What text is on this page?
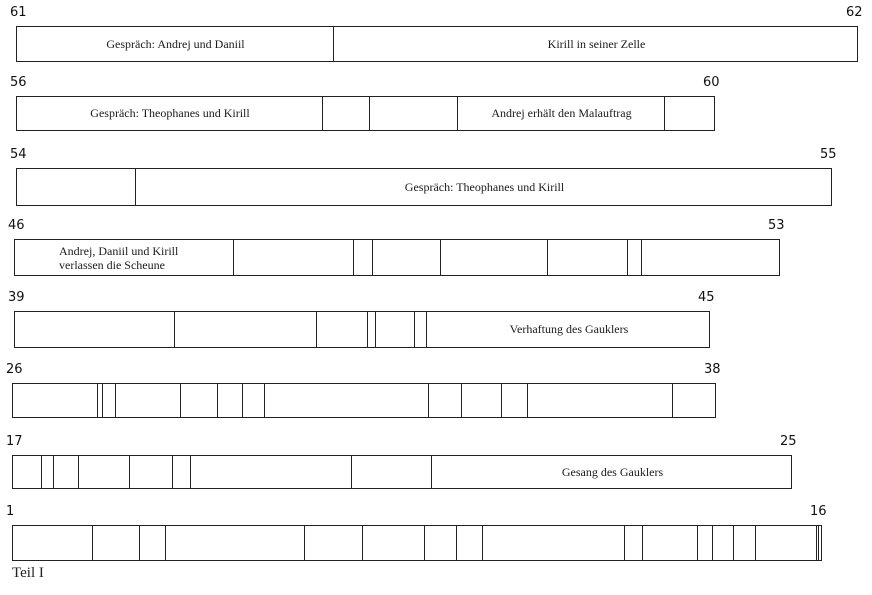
61	62
Gespräch: Andrej und Daniil	Kirill in seiner Zelle
56	60
Gespräch: Theophanes und Kirill	Andrej erhält den Malauftrag
54	55
Gespräch: Theophanes und Kirill
46	53
Andrej, Daniil und Kirill
verlassen die Scheune
39	45
Verhaftung des Gauklers
26	38
17	25
Gesang des Gauklers
1	16
Teil I
